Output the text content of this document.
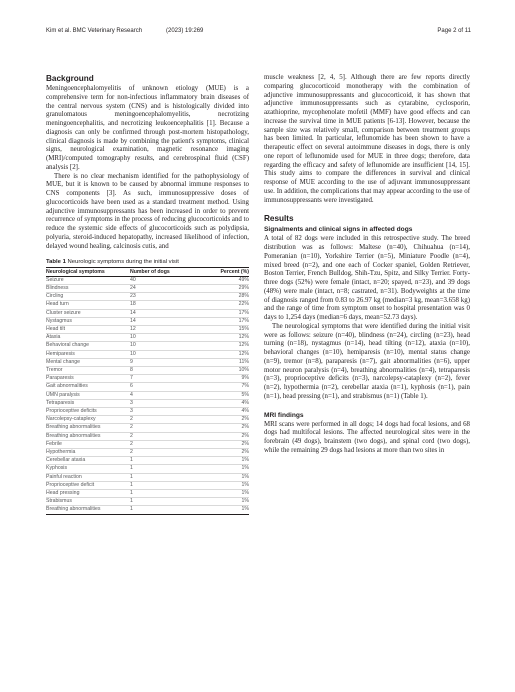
Kim et al. BMC Veterinary Research	(2023) 19:269	Page 2 of 11
Background

Meningoencephalomyelitis of unknown etiology (MUE) is a comprehensive term for non-infectious inflammatory brain diseases of the central nervous system (CNS) and is histologically divided into granulomatous meningoencephalomyelitis, necrotizing meningoencephalitis, and necrotizing leukoencephalitis [1]. Because a diagnosis can only be confirmed through post-mortem histopathology, clinical diagnosis is made by combining the patient's symptoms, clinical signs, neurological examination, magnetic resonance imaging (MRI)/computed tomography results, and cerebrospinal fluid (CSF) analysis [2].

There is no clear mechanism identified for the pathophysiology of MUE, but it is known to be caused by abnormal immune responses to CNS components [3]. As such, immunosuppressive doses of glucocorticoids have been used as a standard treatment method. Using adjunctive immunosuppressants has been increased in order to prevent recurrence of symptoms in the process of reducing glucocorticoids and to reduce the systemic side effects of glucocorticoids such as polydipsia, polyuria, steroid-induced hepatopathy, increased likelihood of infection, delayed wound healing, calcinosis cutis, and

Table 1 Neurologic symptoms during the initial visit
Neurological symptoms	Number of dogs	Percent (%)
Seizure	40	49%
Blindness	24	29%
Circling	23	28%
Head turn	18	22%
Cluster seizure	14	17%
Nystagmus	14	17%
Head tilt	12	15%
Ataxia	10	12%
Behavioral change	10	12%
Hemiparesis	10	12%
Mental change	9	11%
Tremor	8	10%
Paraparesis	7	9%
Gait abnormalities	6	7%
UMN paralysis	4	5%
Tetraparesis	3	4%
Proprioceptive deficits	3	4%
Narcolepsy-cataplexy	2	2%
Breathing abnormalities	2	2%
Breathing abnormalities	2	2%
Febrile	2	2%
Hypothermia	2	2%
Cerebellar ataxia	1	1%
Kyphosis	1	1%
Painful reaction	1	1%
Proprioceptive deficit	1	1%
Head pressing	1	1%
Strabismus	1	1%
Breathing abnormalities	1	1%

muscle weakness [2, 4, 5]. Although there are few reports directly comparing glucocorticoid monotherapy with the combination of adjunctive immunosuppressants and glucocorticoid, it has shown that adjunctive immunosuppressants such as cytarabine, cyclosporin, azathioprine, mycophenolate mofetil (MMF) have good effects and can increase the survival time in MUE patients [6-13]. However, because the sample size was relatively small, comparison between treatment groups has been limited. In particular, leflunomide has been shown to have a therapeutic effect on several autoimmune diseases in dogs, there is only one report of leflunomide used for MUE in three dogs; therefore, data regarding the efficacy and safety of leflunomide are insufficient [14, 15]. This study aims to compare the differences in survival and clinical response of MUE according to the use of adjuvant immunosuppressant use. In addition, the complications that may appear according to the use of immunosuppressants were investigated.

Results
Signalments and clinical signs in affected dogs

A total of 82 dogs were included in this retrospective study. The breed distribution was as follows: Maltese (n=40), Chihuahua (n=14), Pomeranian (n=10), Yorkshire Terrier (n=5), Miniature Poodle (n=4), mixed breed (n=2), and one each of Cocker spaniel, Golden Retriever, Boston Terrier, French Bulldog, Shih-Tzu, Spitz, and Silky Terrier. Forty-three dogs (52%) were female (intact, n=20; spayed, n=23), and 39 dogs (48%) were male (intact, n=8; castrated, n=31). Bodyweights at the time of diagnosis ranged from 0.83 to 26.97 kg (median=3 kg, mean=3.658 kg) and the range of time from symptom onset to hospital presentation was 0 days to 1,254 days (median=6 days, mean=52.73 days).

The neurological symptoms that were identified during the initial visit were as follows: seizure (n=40), blindness (n=24), circling (n=23), head turning (n=18), nystagmus (n=14), head tilting (n=12), ataxia (n=10), behavioral changes (n=10), hemiparesis (n=10), mental status change (n=9), tremor (n=8), paraparesis (n=7), gait abnormalities (n=6), upper motor neuron paralysis (n=4), breathing abnormalities (n=4), tetraparesis (n=3), proprioceptive deficits (n=3), narcolepsy-cataplexy (n=2), fever (n=2), hypothermia (n=2), cerebellar ataxia (n=1), kyphosis (n=1), pain (n=1), head pressing (n=1), and strabismus (n=1) (Table 1).

MRI findings

MRI scans were performed in all dogs; 14 dogs had focal lesions, and 68 dogs had multifocal lesions. The affected neurological sites were in the forebrain (49 dogs), brainstem (two dogs), and spinal cord (two dogs), while the remaining 29 dogs had lesions at more than two sites in
